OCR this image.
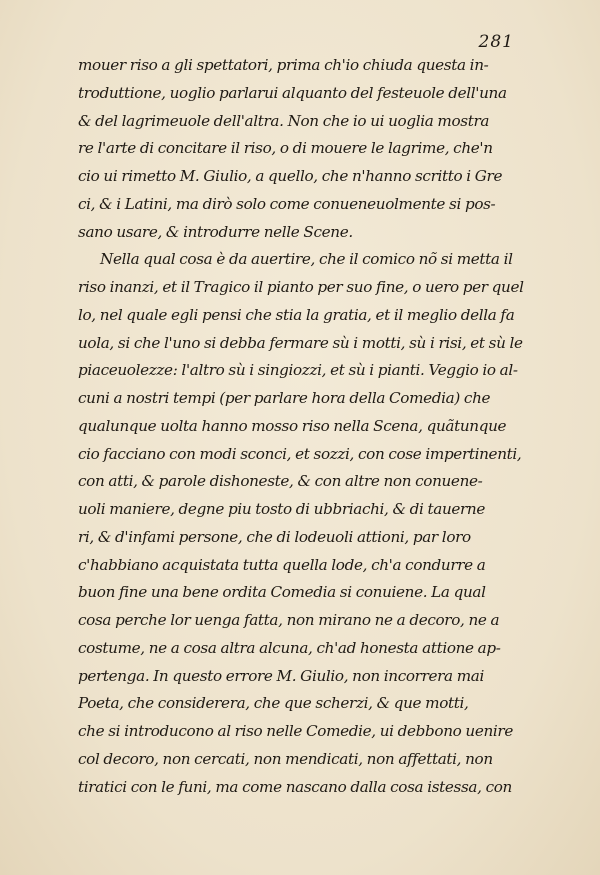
281
mouer riso a gli spettatori, prima ch'io chiuda questa in-
troduttione, uoglio parlarui alquanto del festeuole dell'una
& del lagrimeuole dell'altra. Non che io ui uoglia mostra
re l'arte di concitare il riso, o di mouere le lagrime, che'n
cio ui rimetto M. Giulio, a quello, che n'hanno scritto i Gre
ci, & i Latini, ma dirò solo come conueneuolmente si pos-
sano usare, & introdurre nelle Scene.
Nella qual cosa è da auertire, che il comico nõ si metta il
riso inanzi, et il Tragico il pianto per suo fine, o uero per quel
lo, nel quale egli pensi che stia la gratia, et il meglio della fa
uola, si che l'uno si debba fermare sù i motti, sù i risi, et sù le
piaceuolezze: l'altro sù i singiozzi, et sù i pianti. Veggio io al-
cuni a nostri tempi (per parlare hora della Comedia) che
qualunque uolta hanno mosso riso nella Scena, quãtunque
cio facciano con modi sconci, et sozzi, con cose impertinenti,
con atti, & parole dishoneste, & con altre non conuene-
uoli maniere, degne piu tosto di ubbriachi, & di tauerne
ri, & d'infami persone, che di lodeuoli attioni, par loro
c'habbiano acquistata tutta quella lode, ch'a condurre a
buon fine una bene ordita Comedia si conuiene. La qual
cosa perche lor uenga fatta, non mirano ne a decoro, ne a
costume, ne a cosa altra alcuna, ch'ad honesta attione ap-
pertenga. In questo errore M. Giulio, non incorrera mai
Poeta, che considerera, che que scherzi, & que motti,
che si introducono al riso nelle Comedie, ui debbono uenire
col decoro, non cercati, non mendicati, non affettati, non
tiratici con le funi, ma come nascano dalla cosa istessa, con
